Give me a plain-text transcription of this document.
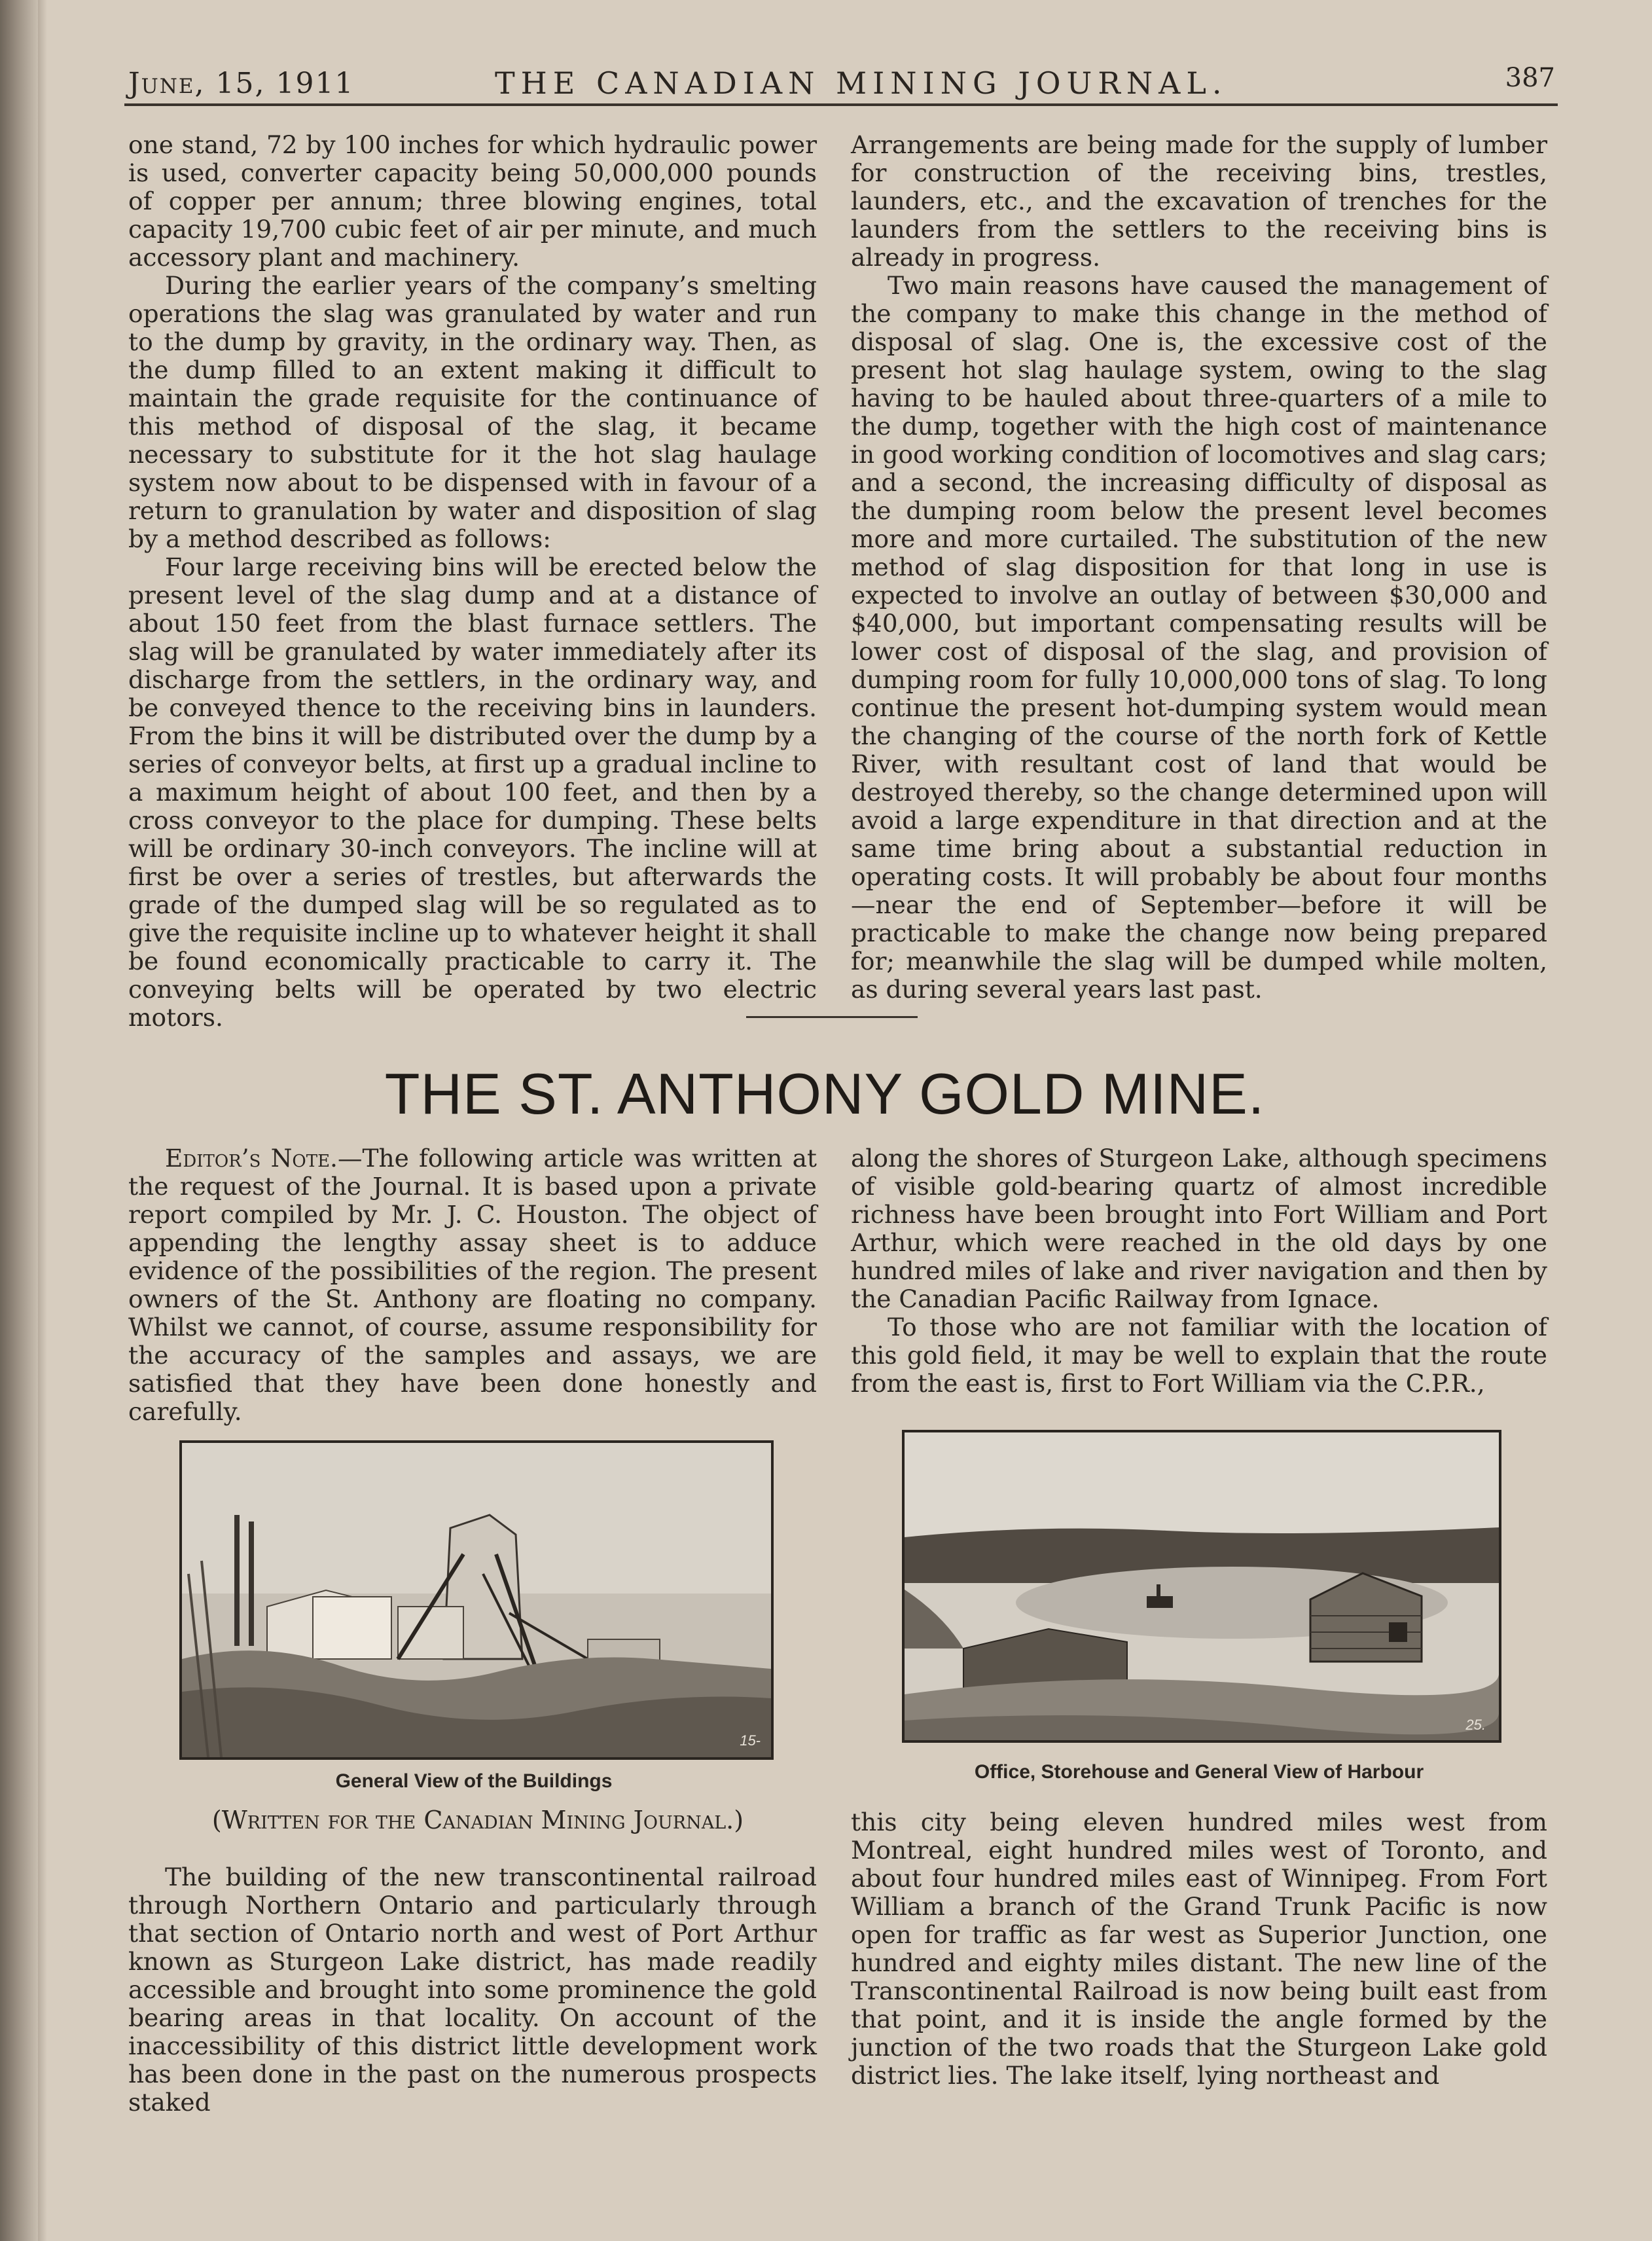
June, 15, 1911	THE CANADIAN MINING JOURNAL.	387

one stand, 72 by 100 inches for which hydraulic power is used, converter capacity being 50,000,000 pounds of copper per annum; three blowing engines, total capacity 19,700 cubic feet of air per minute, and much accessory plant and machinery.

During the earlier years of the company’s smelting operations the slag was granulated by water and run to the dump by gravity, in the ordinary way. Then, as the dump filled to an extent making it difficult to maintain the grade requisite for the continuance of this method of disposal of the slag, it became necessary to substitute for it the hot slag haulage system now about to be dispensed with in favour of a return to granulation by water and disposition of slag by a method described as follows:

Four large receiving bins will be erected below the present level of the slag dump and at a distance of about 150 feet from the blast furnace settlers. The slag will be granulated by water immediately after its discharge from the settlers, in the ordinary way, and be conveyed thence to the receiving bins in launders. From the bins it will be distributed over the dump by a series of conveyor belts, at first up a gradual incline to a maximum height of about 100 feet, and then by a cross conveyor to the place for dumping. These belts will be ordinary 30-inch conveyors. The incline will at first be over a series of trestles, but afterwards the grade of the dumped slag will be so regulated as to give the requisite incline up to whatever height it shall be found economically practicable to carry it. The conveying belts will be operated by two electric motors.

Arrangements are being made for the supply of lumber for construction of the receiving bins, trestles, launders, etc., and the excavation of trenches for the launders from the settlers to the receiving bins is already in progress.

Two main reasons have caused the management of the company to make this change in the method of disposal of slag. One is, the excessive cost of the present hot slag haulage system, owing to the slag having to be hauled about three-quarters of a mile to the dump, together with the high cost of maintenance in good working condition of locomotives and slag cars; and a second, the increasing difficulty of disposal as the dumping room below the present level becomes more and more curtailed. The substitution of the new method of slag disposition for that long in use is expected to involve an outlay of between $30,000 and $40,000, but important compensating results will be lower cost of disposal of the slag, and provision of dumping room for fully 10,000,000 tons of slag. To long continue the present hot-dumping system would mean the changing of the course of the north fork of Kettle River, with resultant cost of land that would be destroyed thereby, so the change determined upon will avoid a large expenditure in that direction and at the same time bring about a substantial reduction in operating costs. It will probably be about four months—near the end of September—before it will be practicable to make the change now being prepared for; meanwhile the slag will be dumped while molten, as during several years last past.

THE ST. ANTHONY GOLD MINE.

Editor’s Note.—The following article was written at the request of the Journal. It is based upon a private report compiled by Mr. J. C. Houston. The object of appending the lengthy assay sheet is to adduce evidence of the possibilities of the region. The present owners of the St. Anthony are floating no company. Whilst we cannot, of course, assume responsibility for the accuracy of the samples and assays, we are satisfied that they have been done honestly and carefully.

along the shores of Sturgeon Lake, although specimens of visible gold-bearing quartz of almost incredible richness have been brought into Fort William and Port Arthur, which were reached in the old days by one hundred miles of lake and river navigation and then by the Canadian Pacific Railway from Ignace.

To those who are not familiar with the location of this gold field, it may be well to explain that the route from the east is, first to Fort William via the C.P.R.,

15-
General View of the Buildings
25.
Office, Storehouse and General View of Harbour
(Written for the Canadian Mining Journal.)

The building of the new transcontinental railroad through Northern Ontario and particularly through that section of Ontario north and west of Port Arthur known as Sturgeon Lake district, has made readily accessible and brought into some prominence the gold bearing areas in that locality. On account of the inaccessibility of this district little development work has been done in the past on the numerous prospects staked

this city being eleven hundred miles west from Montreal, eight hundred miles west of Toronto, and about four hundred miles east of Winnipeg. From Fort William a branch of the Grand Trunk Pacific is now open for traffic as far west as Superior Junction, one hundred and eighty miles distant. The new line of the Transcontinental Railroad is now being built east from that point, and it is inside the angle formed by the junction of the two roads that the Sturgeon Lake gold district lies. The lake itself, lying northeast and
